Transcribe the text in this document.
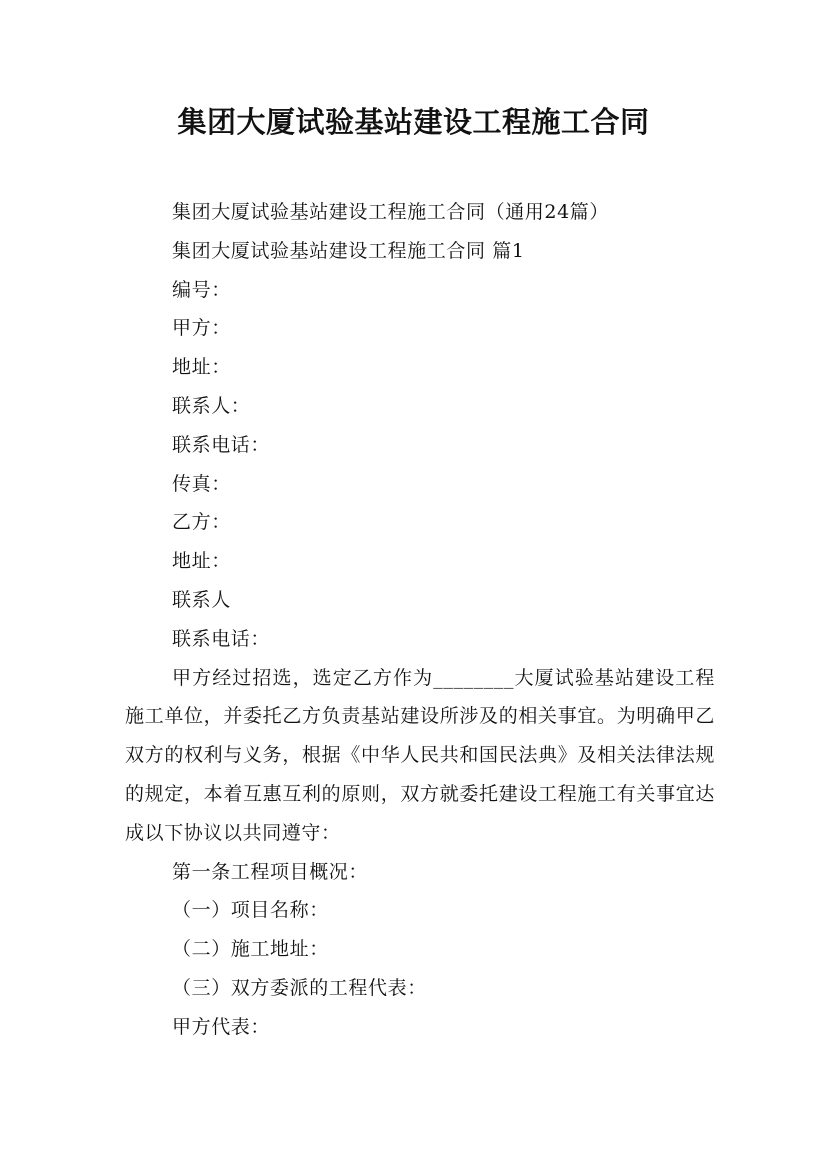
集团大厦试验基站建设工程施工合同
集团大厦试验基站建设工程施工合同（通用24篇）
集团大厦试验基站建设工程施工合同 篇1
编号：
甲方：
地址：
联系人：
联系电话：
传真：
乙方：
地址：
联系人
联系电话：

甲方经过招选，选定乙方作为________大厦试验基站建设工程施工单位，并委托乙方负责基站建设所涉及的相关事宜。为明确甲乙双方的权利与义务，根据《中华人民共和国民法典》及相关法律法规的规定，本着互惠互利的原则，双方就委托建设工程施工有关事宜达成以下协议以共同遵守：

第一条工程项目概况：
（一）项目名称：
（二）施工地址：
（三）双方委派的工程代表：
甲方代表：
